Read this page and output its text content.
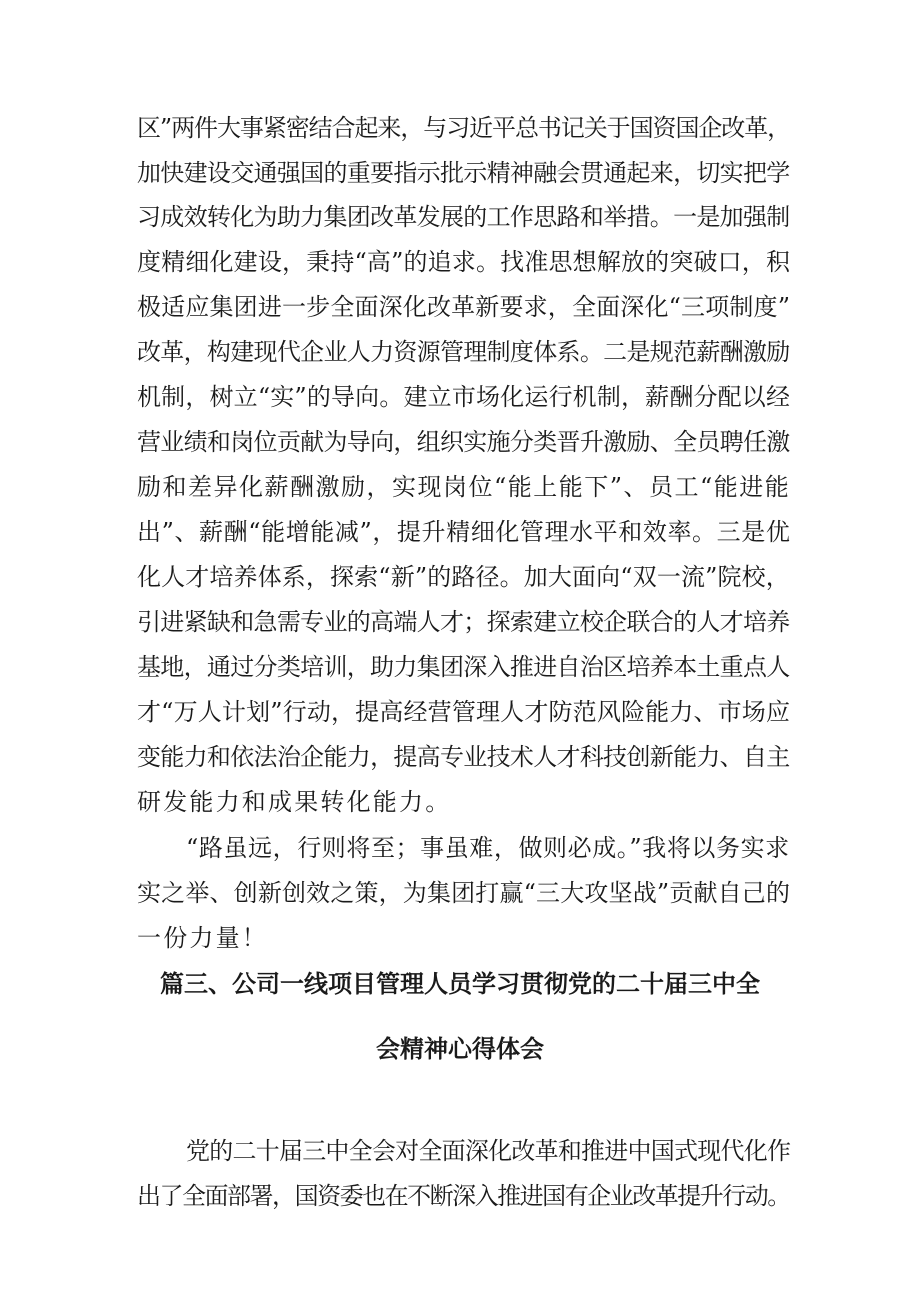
区”两件大事紧密结合起来，与习近平总书记关于国资国企改革，
加快建设交通强国的重要指示批示精神融会贯通起来，切实把学
习成效转化为助力集团改革发展的工作思路和举措。一是加强制
度精细化建设，秉持“高”的追求。找准思想解放的突破口，积
极适应集团进一步全面深化改革新要求，全面深化“三项制度”
改革，构建现代企业人力资源管理制度体系。二是规范薪酬激励
机制，树立“实”的导向。建立市场化运行机制，薪酬分配以经
营业绩和岗位贡献为导向，组织实施分类晋升激励、全员聘任激
励和差异化薪酬激励，实现岗位“能上能下”、员工“能进能
出”、薪酬“能增能减”，提升精细化管理水平和效率。三是优
化人才培养体系，探索“新”的路径。加大面向“双一流”院校，
引进紧缺和急需专业的高端人才；探索建立校企联合的人才培养
基地，通过分类培训，助力集团深入推进自治区培养本土重点人
才“万人计划”行动，提高经营管理人才防范风险能力、市场应
变能力和依法治企能力，提高专业技术人才科技创新能力、自主
研发能力和成果转化能力。
“路虽远，行则将至；事虽难，做则必成。”我将以务实求
实之举、创新创效之策，为集团打赢“三大攻坚战”贡献自己的
一份力量！
篇三、公司一线项目管理人员学习贯彻党的二十届三中全
会精神心得体会
党的二十届三中全会对全面深化改革和推进中国式现代化作
出了全面部署，国资委也在不断深入推进国有企业改革提升行动。
